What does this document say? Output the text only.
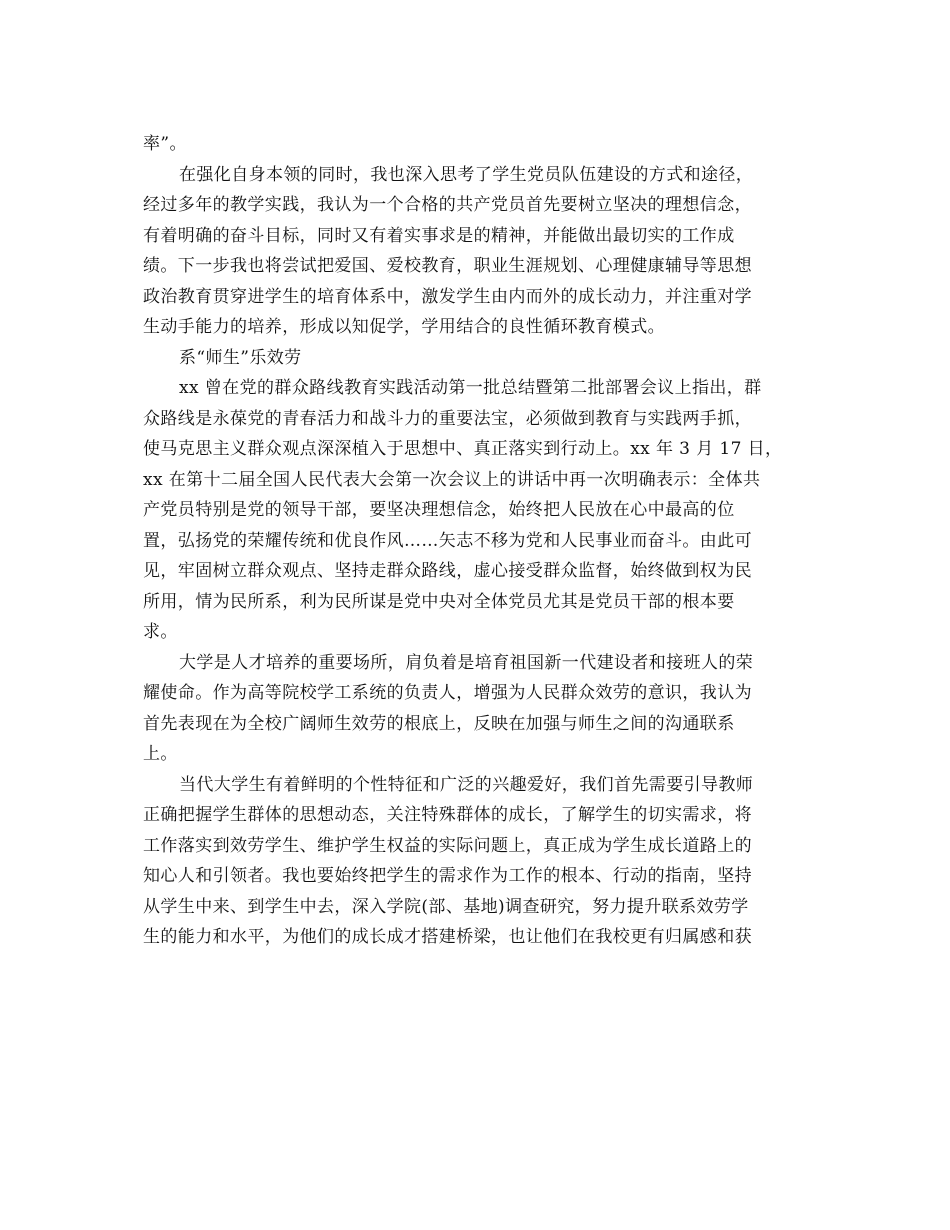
率”。
在强化自身本领的同时，我也深入思考了学生党员队伍建设的方式和途径，
经过多年的教学实践，我认为一个合格的共产党员首先要树立坚决的理想信念，
有着明确的奋斗目标，同时又有着实事求是的精神，并能做出最切实的工作成
绩。下一步我也将尝试把爱国、爱校教育，职业生涯规划、心理健康辅导等思想
政治教育贯穿进学生的培育体系中，激发学生由内而外的成长动力，并注重对学
生动手能力的培养，形成以知促学，学用结合的良性循环教育模式。
系“师生”乐效劳
xx 曾在党的群众路线教育实践活动第一批总结暨第二批部署会议上指出，群
众路线是永葆党的青春活力和战斗力的重要法宝，必须做到教育与实践两手抓，
使马克思主义群众观点深深植入于思想中、真正落实到行动上。xx 年 3 月 17 日，
xx 在第十二届全国人民代表大会第一次会议上的讲话中再一次明确表示：全体共
产党员特别是党的领导干部，要坚决理想信念，始终把人民放在心中最高的位
置，弘扬党的荣耀传统和优良作风……矢志不移为党和人民事业而奋斗。由此可
见，牢固树立群众观点、坚持走群众路线，虚心接受群众监督，始终做到权为民
所用，情为民所系，利为民所谋是党中央对全体党员尤其是党员干部的根本要
求。
大学是人才培养的重要场所，肩负着是培育祖国新一代建设者和接班人的荣
耀使命。作为高等院校学工系统的负责人，增强为人民群众效劳的意识，我认为
首先表现在为全校广阔师生效劳的根底上，反映在加强与师生之间的沟通联系
上。
当代大学生有着鲜明的个性特征和广泛的兴趣爱好，我们首先需要引导教师
正确把握学生群体的思想动态，关注特殊群体的成长，了解学生的切实需求，将
工作落实到效劳学生、维护学生权益的实际问题上，真正成为学生成长道路上的
知心人和引领者。我也要始终把学生的需求作为工作的根本、行动的指南，坚持
从学生中来、到学生中去，深入学院(部、基地)调查研究，努力提升联系效劳学
生的能力和水平，为他们的成长成才搭建桥梁，也让他们在我校更有归属感和获
